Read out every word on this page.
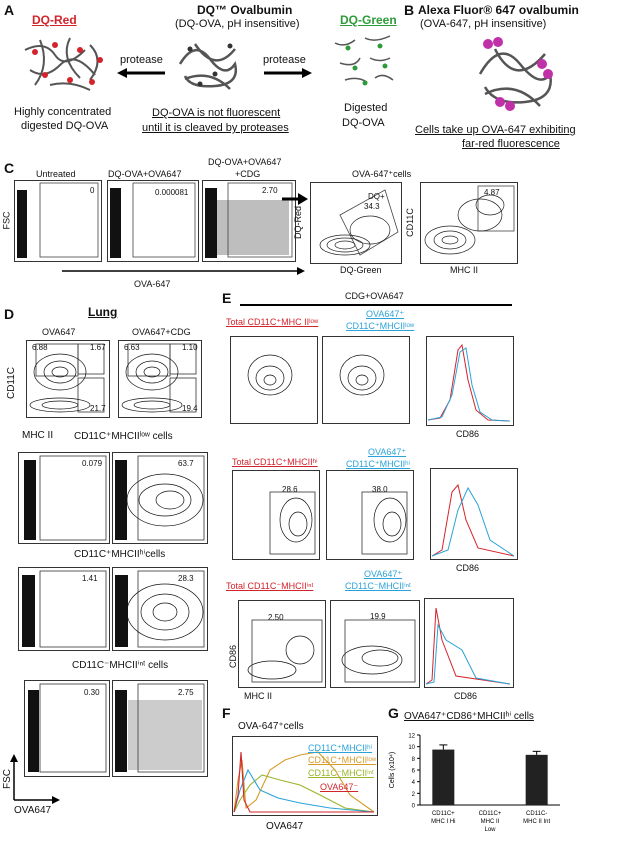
A
DQ-Red
DQ™ Ovalbumin
(DQ-OVA, pH insensitive)	DQ-Green
protease	protease
Highly concentrated
digested DQ-OVA
DQ-OVA is not fluorescent
until it is cleaved by proteases
Digested
DQ-OVA
B Alexa Fluor® 647 ovalbumin
(OVA-647, pH insensitive)
Cells take up OVA-647 exhibiting
far-red fluorescence
C Untreated	DQ-OVA+OVA647
DQ-OVA+OVA647
+CDG	OVA-647⁺cells
0	0.000081	2.70
DQ+
34.3
4.87
FSC
OVA-647
DQ-Red
DQ-Green
CD11C
MHC II
D	Lung
OVA647	OVA647+CDG
6.88	1.67
21.7
6.63	1.10
19.4
CD11C
MHC II CD11C⁺MHCIIˡᵒʷ cells
0.079	63.7
CD11C⁺MHCIIʰⁱcells
1.41	28.3
CD11C⁻MHCIIⁱⁿᵗ cells
0.30	2.75
FSC
OVA647
E	CDG+OVA647
Total CD11C⁺MHC IIˡᵒʷ
OVA647⁺
CD11C⁺MHCIIˡᵒʷ
CD86
Total CD11C⁺MHCIIʰⁱ
OVA647⁺
CD11C⁺MHCIIʰⁱ
28.6	38.0
CD86
Total CD11C⁻MHCIIⁱⁿᵗ
OVA647⁺
CD11C⁻MHCIIⁱⁿᵗ
2.50	19.9
CD86
MHC II	CD86
F
OVA-647⁺cells
CD11C⁺MHCIIʰⁱ
CD11C⁺MHCIIˡᵒʷ
CD11C⁻MHCIIⁱⁿᵗ
OVA647⁻
OVA647
G OVA647⁺CD86⁺MHCIIʰⁱ cells
0
2
4
6
8
10
12
Cells (x10⁴)
CD11C+
MHC I Hi
CD11C+
MHC II
Low
CD11C-
MHC II Int
